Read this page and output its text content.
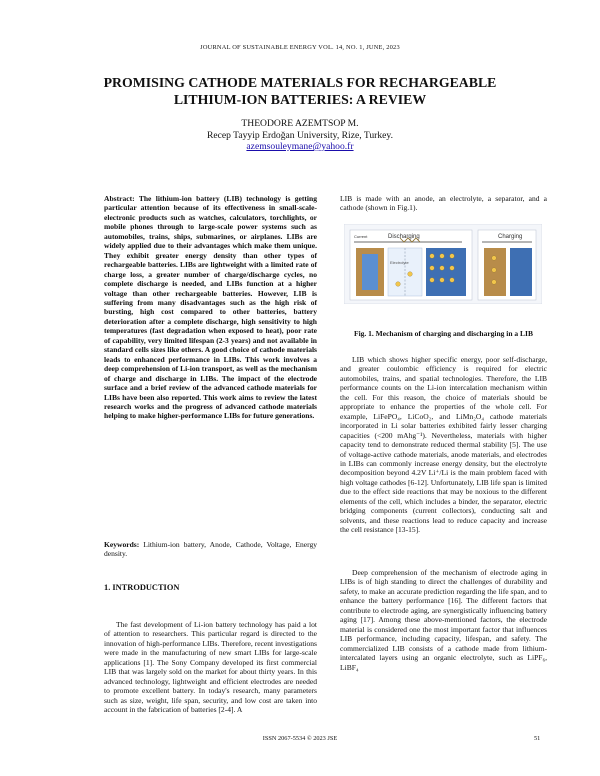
JOURNAL OF SUSTAINABLE ENERGY VOL. 14, NO. 1, JUNE, 2023
PROMISING CATHODE MATERIALS FOR RECHARGEABLE
LITHIUM-ION BATTERIES: A REVIEW
THEODORE AZEMTSOP M.
Recep Tayyip Erdoğan University, Rize, Turkey.
azemsouleymane@yahoo.fr

Abstract: The lithium-ion battery (LIB) technology is getting particular attention because of its effectiveness in small-scale-electronic products such as watches, calculators, torchlights, or mobile phones through to large-scale power systems such as automobiles, trains, ships, submarines, or airplanes. LIBs are widely applied due to their advantages which make them unique. They exhibit greater energy density than other types of rechargeable batteries. LIBs are lightweight with a limited rate of charge loss, a greater number of charge/discharge cycles, no complete discharge is needed, and LIBs function at a higher voltage than other rechargeable batteries. However, LIB is suffering from many disadvantages such as the high risk of bursting, high cost compared to other batteries, battery deterioration after a complete discharge, high sensitivity to high temperatures (fast degradation when exposed to heat), poor rate of capability, very limited lifespan (2-3 years) and not available in standard cells sizes like others. A good choice of cathode materials leads to enhanced performance in LIBs. This work involves a deep comprehension of Li-ion transport, as well as the mechanism of charge and discharge in LIBs. The impact of the electrode surface and a brief review of the advanced cathode materials for LIBs have been also reported. This work aims to review the latest research works and the progress of advanced cathode materials helping to make higher-performance LIBs for future generations.

Keywords: Lithium-ion battery, Anode, Cathode, Voltage, Energy density.

1. INTRODUCTION

The fast development of Li-ion battery technology has paid a lot of attention to researchers. This particular regard is directed to the innovation of high-performance LIBs. Therefore, recent investigations were made in the manufacturing of new smart LIBs for large-scale applications [1]. The Sony Company developed its first commercial LIB that was largely sold on the market for about thirty years. In this advanced technology, lightweight and efficient electrodes are needed to promote excellent battery. In today's research, many parameters such as size, weight, life span, security, and low cost are taken into account in the fabrication of batteries [2-4]. A

LIB is made with an anode, an electrolyte, a separator, and a cathode (shown in Fig.1).

Discharging
Current
Electrolyte
Charging
Fig. 1. Mechanism of charging and discharging in a LIB

LIB which shows higher specific energy, poor self-discharge, and greater coulombic efficiency is required for electric automobiles, trains, and spatial technologies. Therefore, the LIB performance counts on the Li-ion intercalation mechanism within the cell. For this reason, the choice of materials should be appropriate to enhance the properties of the whole cell. For example, LiFePO₄, LiCoO₂, and LiMn₂O₄ cathode materials incorporated in Li solar batteries exhibited fairly lesser charging capacities (<200 mAhg⁻¹). Nevertheless, materials with higher capacity tend to demonstrate reduced thermal stability [5]. The use of voltage-active cathode materials, anode materials, and electrodes in LIBs can commonly increase energy density, but the electrolyte decomposition beyond 4.2V Li⁺/Li is the main problem faced with high voltage cathodes [6-12]. Unfortunately, LIB life span is limited due to the effect side reactions that may be noxious to the different elements of the cell, which includes a binder, the separator, electric bridging components (current collectors), conducting salt and solvents, and these reactions lead to reduce capacity and increase the cell resistance [13-15].

Deep comprehension of the mechanism of electrode aging in LIBs is of high standing to direct the challenges of durability and safety, to make an accurate prediction regarding the life span, and to enhance the battery performance [16]. The different factors that contribute to electrode aging, are synergistically influencing battery aging [17]. Among these above-mentioned factors, the electrode material is considered one the most important factor that influences LIB performance, including capacity, lifespan, and safety. The commercialized LIB consists of a cathode made from lithium-intercalated layers using an organic electrolyte, such as LiPF₆, LiBF₄

ISSN 2067-5534 © 2023 JSE	51
